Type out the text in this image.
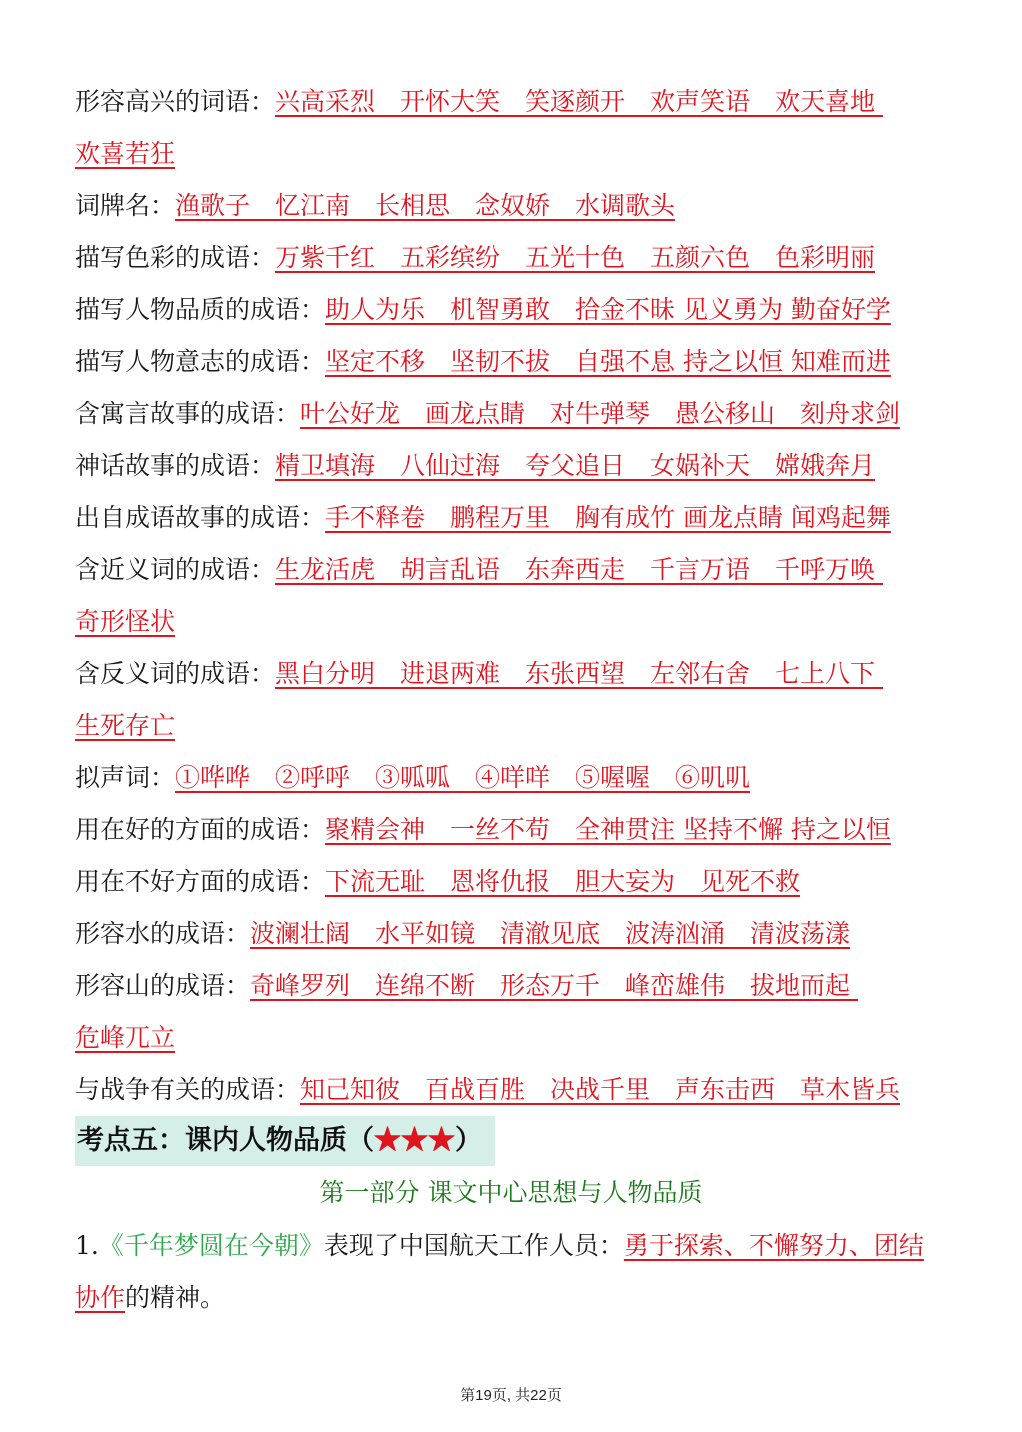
形容高兴的词语：兴高采烈　开怀大笑　笑逐颜开　欢声笑语　欢天喜地
欢喜若狂
词牌名：渔歌子　忆江南　长相思　念奴娇　水调歌头
描写色彩的成语：万紫千红　五彩缤纷　五光十色　五颜六色　色彩明丽
描写人物品质的成语：助人为乐　机智勇敢　拾金不昧 见义勇为 勤奋好学
描写人物意志的成语：坚定不移　坚韧不拔　自强不息 持之以恒 知难而进
含寓言故事的成语：叶公好龙　画龙点睛　对牛弹琴　愚公移山　刻舟求剑
神话故事的成语：精卫填海　八仙过海　夸父追日　女娲补天　嫦娥奔月
出自成语故事的成语：手不释卷　鹏程万里　胸有成竹 画龙点睛 闻鸡起舞
含近义词的成语：生龙活虎　胡言乱语　东奔西走　千言万语　千呼万唤
奇形怪状
含反义词的成语：黑白分明　进退两难　东张西望　左邻右舍　七上八下
生死存亡
拟声词：①哗哗　②呼呼　③呱呱　④咩咩　⑤喔喔　⑥叽叽
用在好的方面的成语：聚精会神　一丝不苟　全神贯注 坚持不懈 持之以恒
用在不好方面的成语：下流无耻　恩将仇报　胆大妄为　见死不救
形容水的成语：波澜壮阔　水平如镜　清澈见底　波涛汹涌　清波荡漾
形容山的成语：奇峰罗列　连绵不断　形态万千　峰峦雄伟　拔地而起
危峰兀立
与战争有关的成语：知己知彼　百战百胜　决战千里　声东击西　草木皆兵
考点五：课内人物品质（★★★）
第一部分 课文中心思想与人物品质
1.《千年梦圆在今朝》表现了中国航天工作人员：勇于探索、不懈努力、团结协作的精神。
第19页, 共22页
